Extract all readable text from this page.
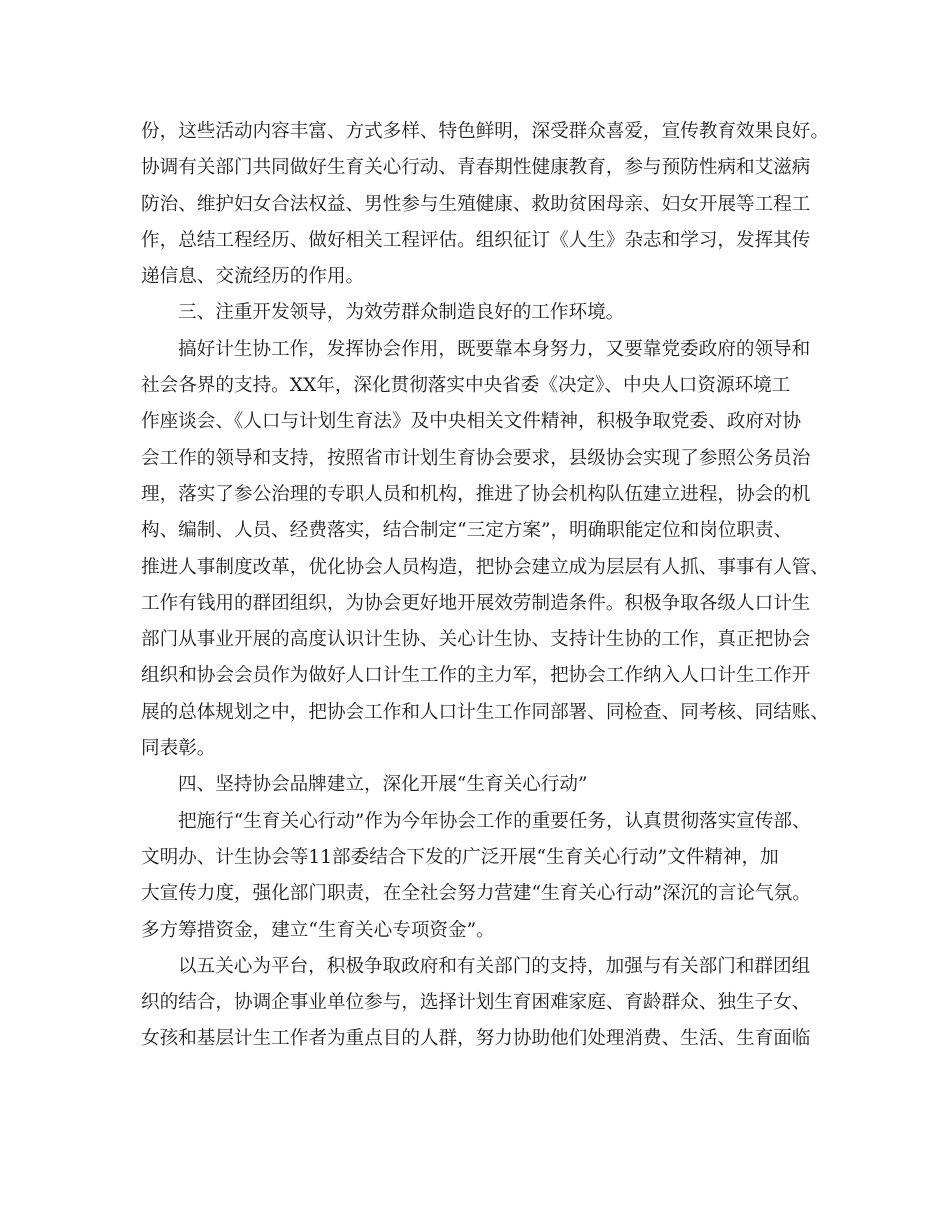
份，这些活动内容丰富、方式多样、特色鲜明，深受群众喜爱，宣传教育效果良好。
协调有关部门共同做好生育关心行动、青春期性健康教育，参与预防性病和艾滋病
防治、维护妇女合法权益、男性参与生殖健康、救助贫困母亲、妇女开展等工程工
作，总结工程经历、做好相关工程评估。组织征订《人生》杂志和学习，发挥其传
递信息、交流经历的作用。
三、注重开发领导，为效劳群众制造良好的工作环境。
搞好计生协工作，发挥协会作用，既要靠本身努力，又要靠党委政府的领导和
社会各界的支持。XX年，深化贯彻落实中央省委《决定》、中央人口资源环境工
作座谈会、《人口与计划生育法》及中央相关文件精神，积极争取党委、政府对协
会工作的领导和支持，按照省市计划生育协会要求，县级协会实现了参照公务员治
理，落实了参公治理的专职人员和机构，推进了协会机构队伍建立进程，协会的机
构、编制、人员、经费落实，结合制定“三定方案”，明确职能定位和岗位职责、
推进人事制度改革，优化协会人员构造，把协会建立成为层层有人抓、事事有人管、
工作有钱用的群团组织，为协会更好地开展效劳制造条件。积极争取各级人口计生
部门从事业开展的高度认识计生协、关心计生协、支持计生协的工作，真正把协会
组织和协会会员作为做好人口计生工作的主力军，把协会工作纳入人口计生工作开
展的总体规划之中，把协会工作和人口计生工作同部署、同检查、同考核、同结账、
同表彰。
四、坚持协会品牌建立，深化开展“生育关心行动”
把施行“生育关心行动”作为今年协会工作的重要任务，认真贯彻落实宣传部、
文明办、计生协会等11部委结合下发的广泛开展“生育关心行动”文件精神，加
大宣传力度，强化部门职责，在全社会努力营建“生育关心行动”深沉的言论气氛。
多方筹措资金，建立“生育关心专项资金”。
以五关心为平台，积极争取政府和有关部门的支持，加强与有关部门和群团组
织的结合，协调企事业单位参与，选择计划生育困难家庭、育龄群众、独生子女、
女孩和基层计生工作者为重点目的人群，努力协助他们处理消费、生活、生育面临
